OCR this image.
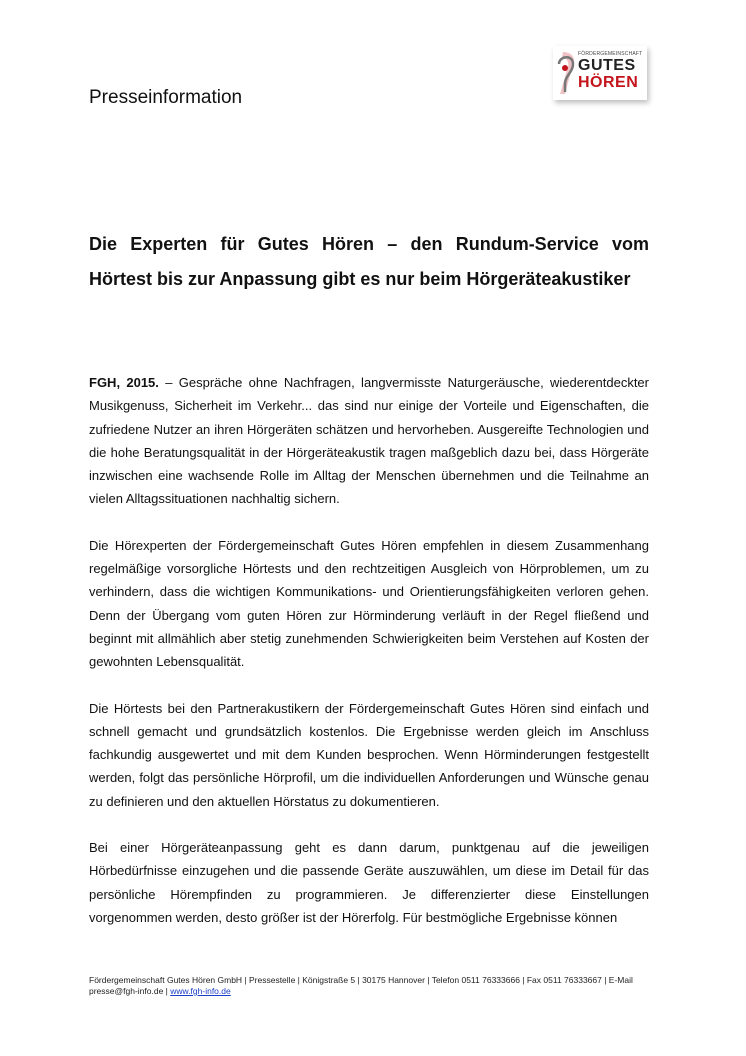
FÖRDERGEMEINSCHAFT
GUTES
HÖREN
Presseinformation
Die Experten für Gutes Hören – den Rundum-Service vom Hörtest bis zur Anpassung gibt es nur beim Hörgeräteakustiker

FGH, 2015. – Gespräche ohne Nachfragen, langvermisste Naturgeräusche, wiederentdeckter Musikgenuss, Sicherheit im Verkehr... das sind nur einige der Vorteile und Eigenschaften, die zufriedene Nutzer an ihren Hörgeräten schätzen und hervorheben. Ausgereifte Technologien und die hohe Beratungsqualität in der Hörgeräteakustik tragen maßgeblich dazu bei, dass Hörgeräte inzwischen eine wachsende Rolle im Alltag der Menschen übernehmen und die Teilnahme an vielen Alltagssituationen nachhaltig sichern.

Die Hörexperten der Fördergemeinschaft Gutes Hören empfehlen in diesem Zusammenhang regelmäßige vorsorgliche Hörtests und den rechtzeitigen Ausgleich von Hörproblemen, um zu verhindern, dass die wichtigen Kommunikations- und Orientierungsfähigkeiten verloren gehen. Denn der Übergang vom guten Hören zur Hörminderung verläuft in der Regel fließend und beginnt mit allmählich aber stetig zunehmenden Schwierigkeiten beim Verstehen auf Kosten der gewohnten Lebensqualität.

Die Hörtests bei den Partnerakustikern der Fördergemeinschaft Gutes Hören sind einfach und schnell gemacht und grundsätzlich kostenlos. Die Ergebnisse werden gleich im Anschluss fachkundig ausgewertet und mit dem Kunden besprochen. Wenn Hörminderungen festgestellt werden, folgt das persönliche Hörprofil, um die individuellen Anforderungen und Wünsche genau zu definieren und den aktuellen Hörstatus zu dokumentieren.

Bei einer Hörgeräteanpassung geht es dann darum, punktgenau auf die jeweiligen Hörbedürfnisse einzugehen und die passende Geräte auszuwählen, um diese im Detail für das persönliche Hörempfinden zu programmieren. Je differenzierter diese Einstellungen vorgenommen werden, desto größer ist der Hörerfolg. Für bestmögliche Ergebnisse können

Fördergemeinschaft Gutes Hören GmbH | Pressestelle | Königstraße 5 | 30175 Hannover | Telefon 0511 76333666 | Fax 0511 76333667 | E-Mail presse@fgh-info.de | www.fgh-info.de
